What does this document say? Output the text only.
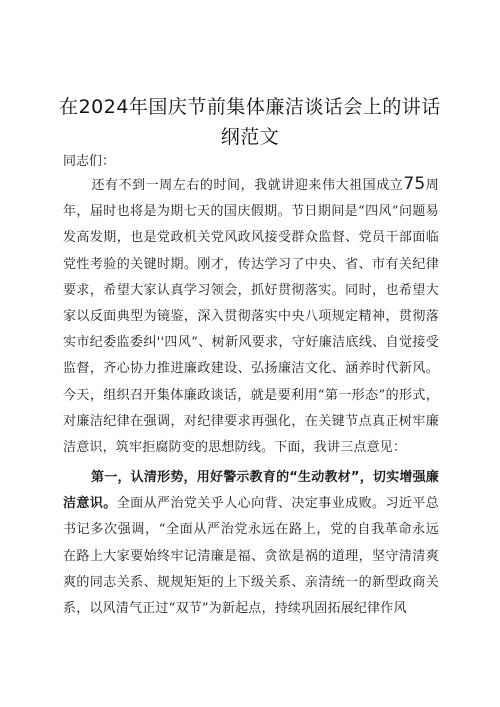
在2024年国庆节前集体廉洁谈话会上的讲话
纲范文
同志们：
还有不到一周左右的时间，我就讲迎来伟大祖国成立75周年，届时也将是为期七天的国庆假期。节日期间是“四风”问题易发高发期，也是党政机关党风政风接受群众监督、党员干部面临党性考验的关键时期。刚才，传达学习了中央、省、市有关纪律要求，希望大家认真学习领会，抓好贯彻落实。同时，也希望大家以反面典型为镜鉴，深入贯彻落实中央八项规定精神，贯彻落实市纪委监委纠''四风”、树新风要求，守好廉洁底线、自觉接受监督，齐心协力推进廉政建设、弘扬廉洁文化、涵养时代新风。今天，组织召开集体廉政谈话，就是要利用“第一形态”的形式，对廉洁纪律在强调，对纪律要求再强化，在关键节点真正树牢廉洁意识，筑牢拒腐防变的思想防线。下面，我讲三点意见：
第一，认清形势，用好警示教育的“生动教材”，切实增强廉洁意识。全面从严治党关乎人心向背、决定事业成败。习近平总书记多次强调，“全面从严治党永远在路上，党的自我革命永远在路上大家要始终牢记清廉是福、贪欲是祸的道理，坚守清清爽爽的同志关系、规规矩矩的上下级关系、亲清统一的新型政商关系，以风清气正过“双节”为新起点，持续巩固拓展纪律作风
